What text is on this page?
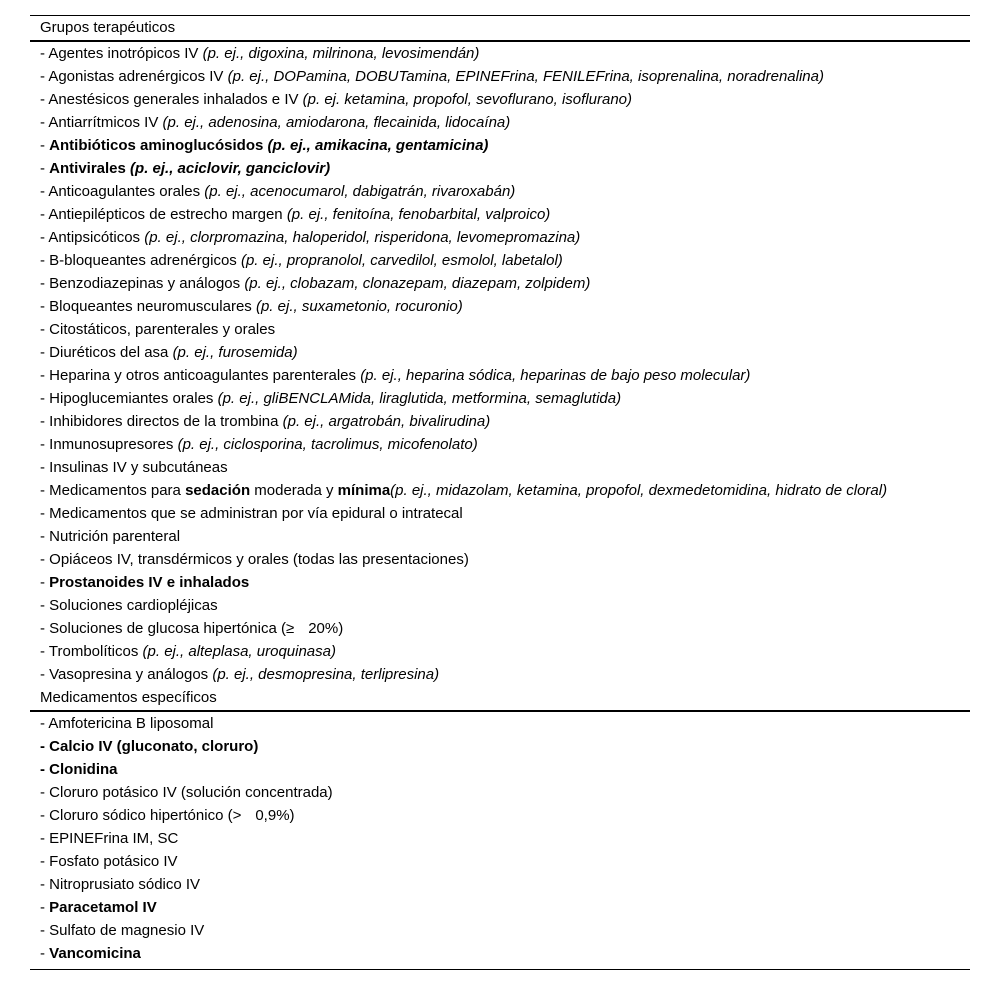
Grupos terapéuticos
- Agentes inotrópicos IV (p. ej., digoxina, milrinona, levosimendán)
- Agonistas adrenérgicos IV (p. ej., DOPamina, DOBUTamina, EPINEFrina, FENILEFrina, isoprenalina, noradrenalina)
- Anestésicos generales inhalados e IV (p. ej. ketamina, propofol, sevoflurano, isoflurano)
- Antiarrítmicos IV (p. ej., adenosina, amiodarona, flecainida, lidocaína)
- Antibióticos aminoglucósidos (p. ej., amikacina, gentamicina)
- Antivirales (p. ej., aciclovir, ganciclovir)
- Anticoagulantes orales (p. ej., acenocumarol, dabigatrán, rivaroxabán)
- Antiepilépticos de estrecho margen (p. ej., fenitoína, fenobarbital, valproico)
- Antipsicóticos (p. ej., clorpromazina, haloperidol, risperidona, levomepromazina)
- B-bloqueantes adrenérgicos (p. ej., propranolol, carvedilol, esmolol, labetalol)
- Benzodiazepinas y análogos (p. ej., clobazam, clonazepam, diazepam, zolpidem)
- Bloqueantes neuromusculares (p. ej., suxametonio, rocuronio)
- Citostáticos, parenterales y orales
- Diuréticos del asa (p. ej., furosemida)
- Heparina y otros anticoagulantes parenterales (p. ej., heparina sódica, heparinas de bajo peso molecular)
- Hipoglucemiantes orales (p. ej., gliBENCLAMida, liraglutida, metformina, semaglutida)
- Inhibidores directos de la trombina (p. ej., argatrobán, bivalirudina)
- Inmunosupresores (p. ej., ciclosporina, tacrolimus, micofenolato)
- Insulinas IV y subcutáneas
- Medicamentos para sedación moderada y mínima(p. ej., midazolam, ketamina, propofol, dexmedetomidina, hidrato de cloral)
- Medicamentos que se administran por vía epidural o intratecal
- Nutrición parenteral
- Opiáceos IV, transdérmicos y orales (todas las presentaciones)
- Prostanoides IV e inhalados
- Soluciones cardiopléjicas
- Soluciones de glucosa hipertónica (≥ 20%)
- Trombolíticos (p. ej., alteplasa, uroquinasa)
- Vasopresina y análogos (p. ej., desmopresina, terlipresina)
Medicamentos específicos
- Amfotericina B liposomal
- Calcio IV (gluconato, cloruro)
- Clonidina
- Cloruro potásico IV (solución concentrada)
- Cloruro sódico hipertónico (> 0,9%)
- EPINEFrina IM, SC
- Fosfato potásico IV
- Nitroprusiato sódico IV
- Paracetamol IV
- Sulfato de magnesio IV
- Vancomicina
